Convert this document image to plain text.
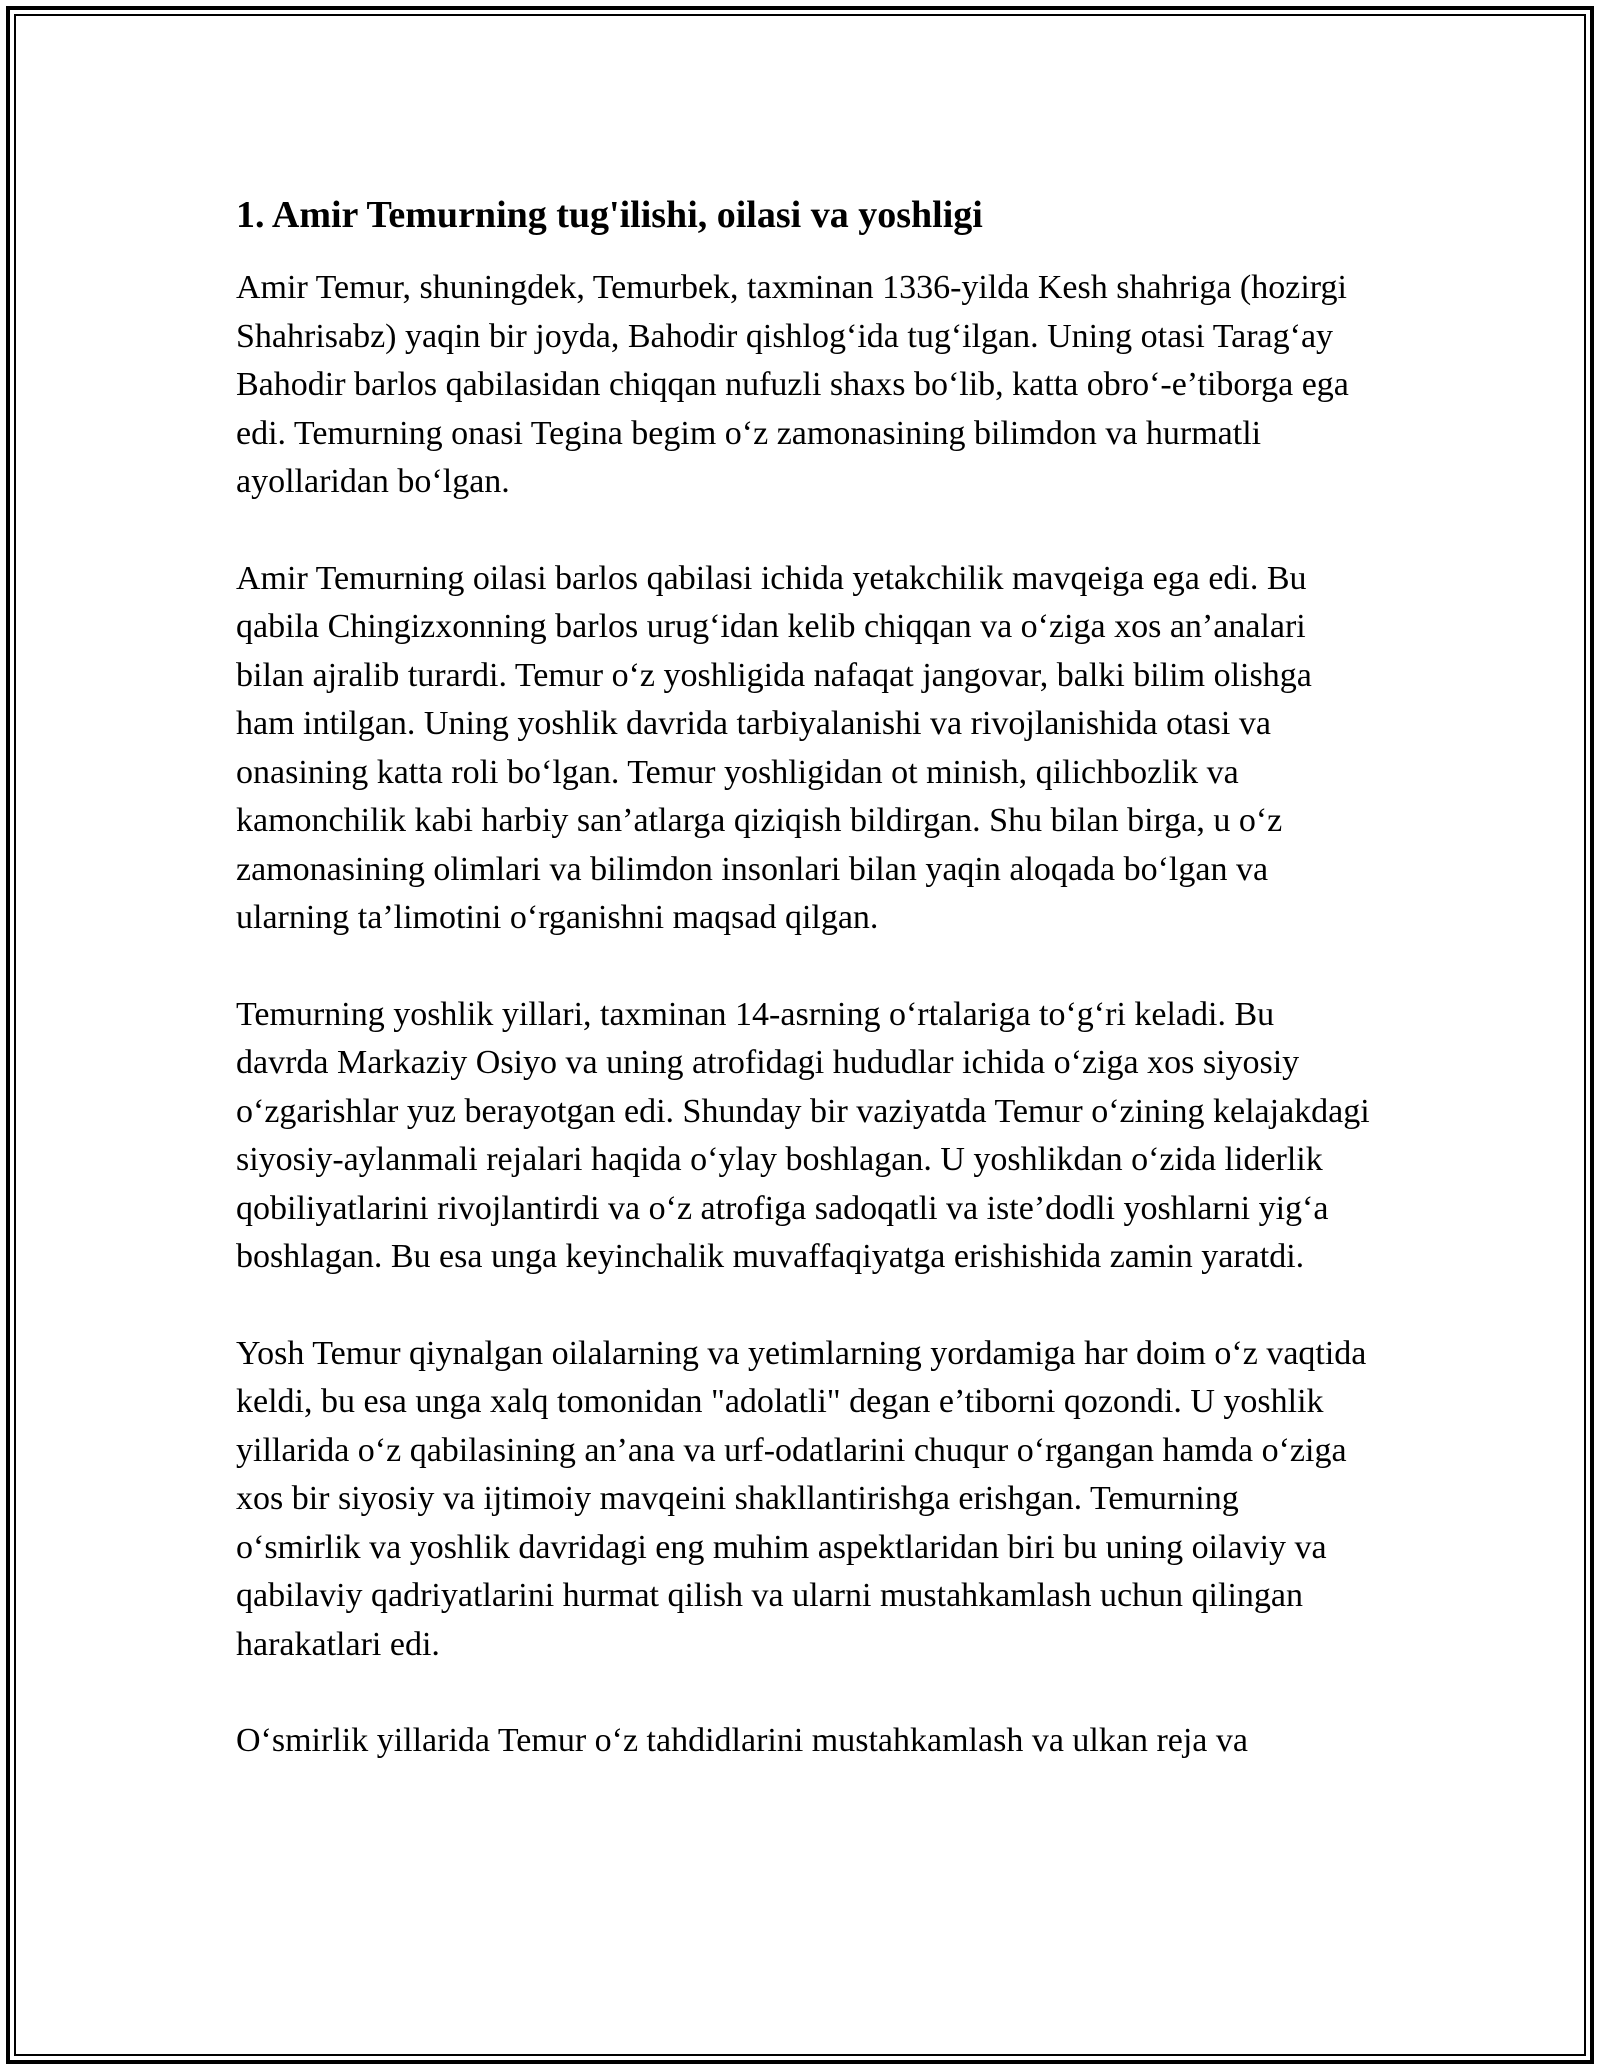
1. Amir Temurning tug'ilishi, oilasi va yoshligi

Amir Temur, shuningdek, Temurbek, taxminan 1336-yilda Kesh shahriga (hozirgi Shahrisabz) yaqin bir joyda, Bahodir qishlog‘ida tug‘ilgan. Uning otasi Tarag‘ay Bahodir barlos qabilasidan chiqqan nufuzli shaxs bo‘lib, katta obro‘-e’tiborga ega edi. Temurning onasi Tegina begim o‘z zamonasining bilimdon va hurmatli ayollaridan bo‘lgan.

Amir Temurning oilasi barlos qabilasi ichida yetakchilik mavqeiga ega edi. Bu qabila Chingizxonning barlos urug‘idan kelib chiqqan va o‘ziga xos an’analari bilan ajralib turardi. Temur o‘z yoshligida nafaqat jangovar, balki bilim olishga ham intilgan. Uning yoshlik davrida tarbiyalanishi va rivojlanishida otasi va onasining katta roli bo‘lgan. Temur yoshligidan ot minish, qilichbozlik va kamonchilik kabi harbiy san’atlarga qiziqish bildirgan. Shu bilan birga, u o‘z zamonasining olimlari va bilimdon insonlari bilan yaqin aloqada bo‘lgan va ularning ta’limotini o‘rganishni maqsad qilgan.

Temurning yoshlik yillari, taxminan 14-asrning o‘rtalariga to‘g‘ri keladi. Bu davrda Markaziy Osiyo va uning atrofidagi hududlar ichida o‘ziga xos siyosiy o‘zgarishlar yuz berayotgan edi. Shunday bir vaziyatda Temur o‘zining kelajakdagi siyosiy-aylanmali rejalari haqida o‘ylay boshlagan. U yoshlikdan o‘zida liderlik qobiliyatlarini rivojlantirdi va o‘z atrofiga sadoqatli va iste’dodli yoshlarni yig‘a boshlagan. Bu esa unga keyinchalik muvaffaqiyatga erishishida zamin yaratdi.

Yosh Temur qiynalgan oilalarning va yetimlarning yordamiga har doim o‘z vaqtida keldi, bu esa unga xalq tomonidan "adolatli" degan e’tiborni qozondi. U yoshlik yillarida o‘z qabilasining an’ana va urf-odatlarini chuqur o‘rgangan hamda o‘ziga xos bir siyosiy va ijtimoiy mavqeini shakllantirishga erishgan. Temurning o‘smirlik va yoshlik davridagi eng muhim aspektlaridan biri bu uning oilaviy va qabilaviy qadriyatlarini hurmat qilish va ularni mustahkamlash uchun qilingan harakatlari edi.

O‘smirlik yillarida Temur o‘z tahdidlarini mustahkamlash va ulkan reja va
